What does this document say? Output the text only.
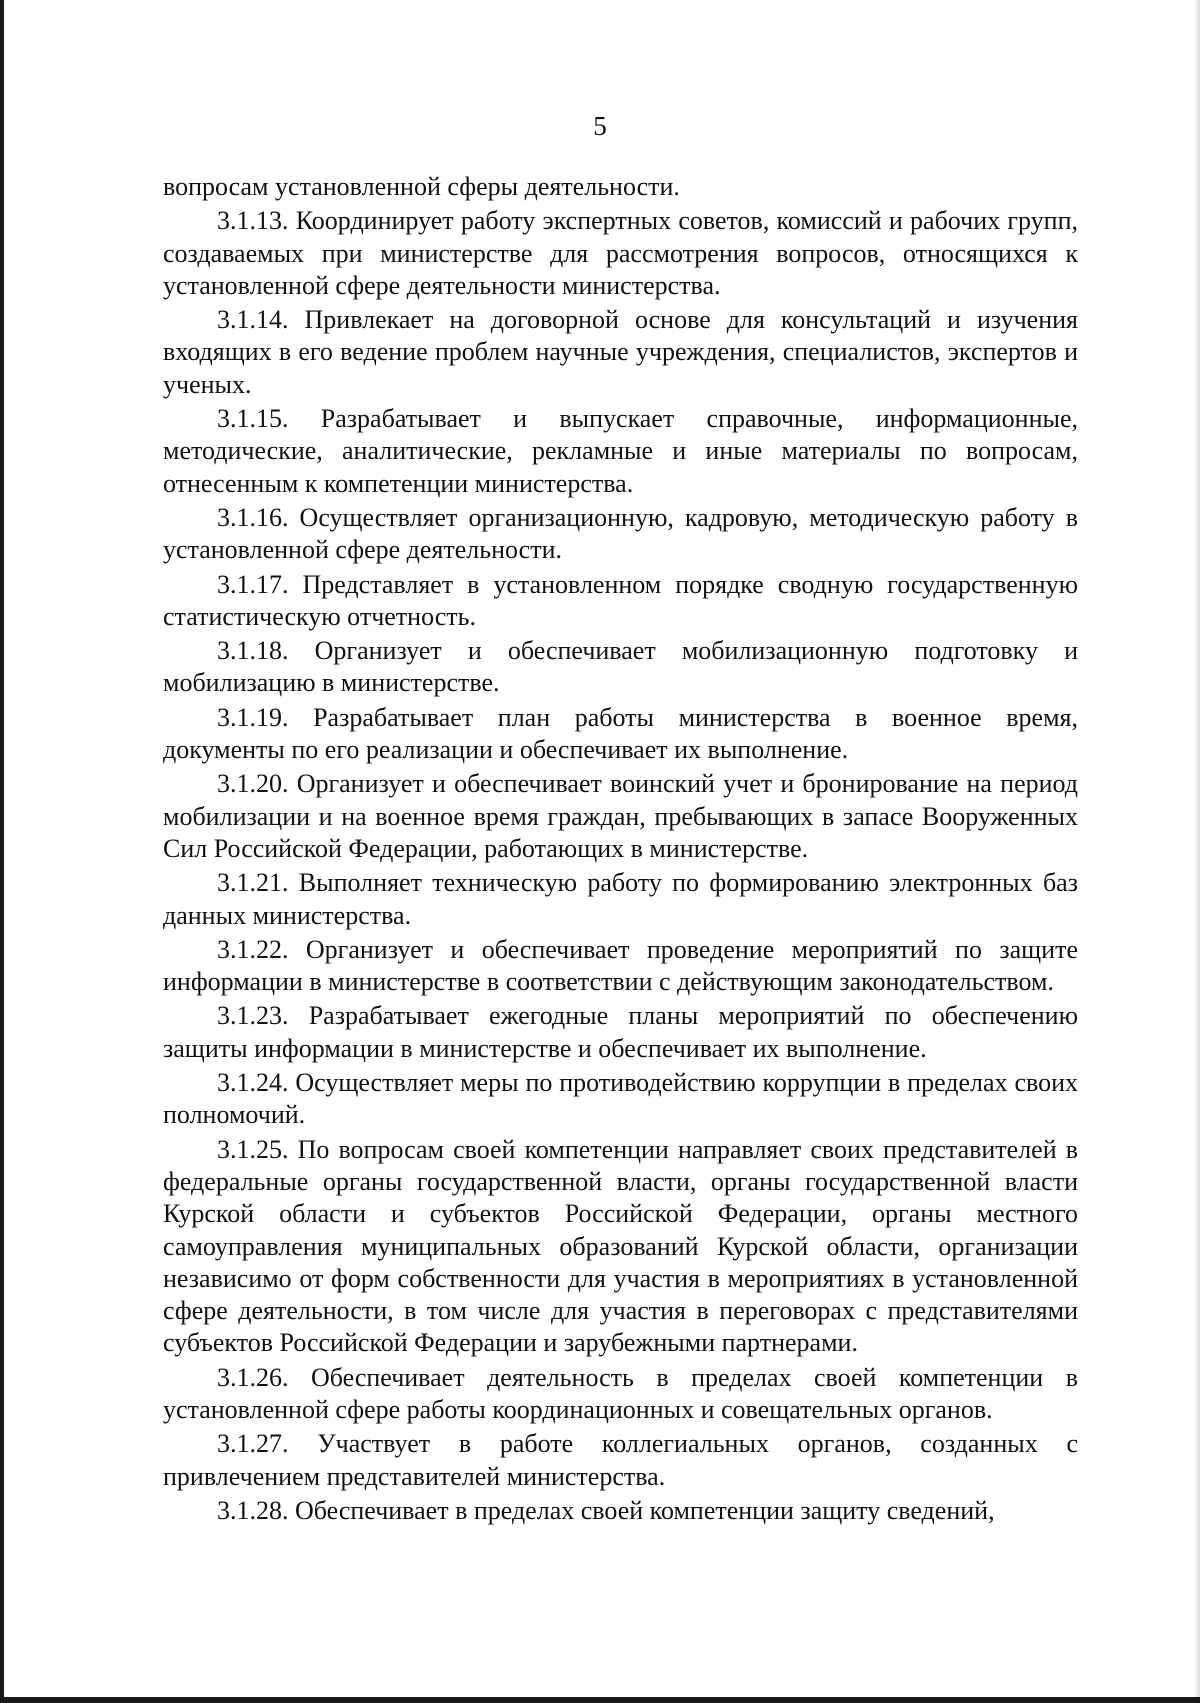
5

вопросам установленной сферы деятельности.

3.1.13. Координирует работу экспертных советов, комиссий и рабочих групп, создаваемых при министерстве для рассмотрения вопросов, относящихся к установленной сфере деятельности министерства.

3.1.14. Привлекает на договорной основе для консультаций и изучения входящих в его ведение проблем научные учреждения, специалистов, экспертов и ученых.

3.1.15. Разрабатывает и выпускает справочные, информационные, методические, аналитические, рекламные и иные материалы по вопросам, отнесенным к компетенции министерства.

3.1.16. Осуществляет организационную, кадровую, методическую работу в установленной сфере деятельности.

3.1.17. Представляет в установленном порядке сводную государственную статистическую отчетность.

3.1.18. Организует и обеспечивает мобилизационную подготовку и мобилизацию в министерстве.

3.1.19. Разрабатывает план работы министерства в военное время, документы по его реализации и обеспечивает их выполнение.

3.1.20. Организует и обеспечивает воинский учет и бронирование на период мобилизации и на военное время граждан, пребывающих в запасе Вооруженных Сил Российской Федерации, работающих в министерстве.

3.1.21. Выполняет техническую работу по формированию электронных баз данных министерства.

3.1.22. Организует и обеспечивает проведение мероприятий по защите информации в министерстве в соответствии с действующим законодательством.

3.1.23. Разрабатывает ежегодные планы мероприятий по обеспечению защиты информации в министерстве и обеспечивает их выполнение.

3.1.24. Осуществляет меры по противодействию коррупции в пределах своих полномочий.

3.1.25. По вопросам своей компетенции направляет своих представителей в федеральные органы государственной власти, органы государственной власти Курской области и субъектов Российской Федерации, органы местного самоуправления муниципальных образований Курской области, организации независимо от форм собственности для участия в мероприятиях в установленной сфере деятельности, в том числе для участия в переговорах с представителями субъектов Российской Федерации и зарубежными партнерами.

3.1.26. Обеспечивает деятельность в пределах своей компетенции в установленной сфере работы координационных и совещательных органов.

3.1.27. Участвует в работе коллегиальных органов, созданных с привлечением представителей министерства.

3.1.28. Обеспечивает в пределах своей компетенции защиту сведений,
